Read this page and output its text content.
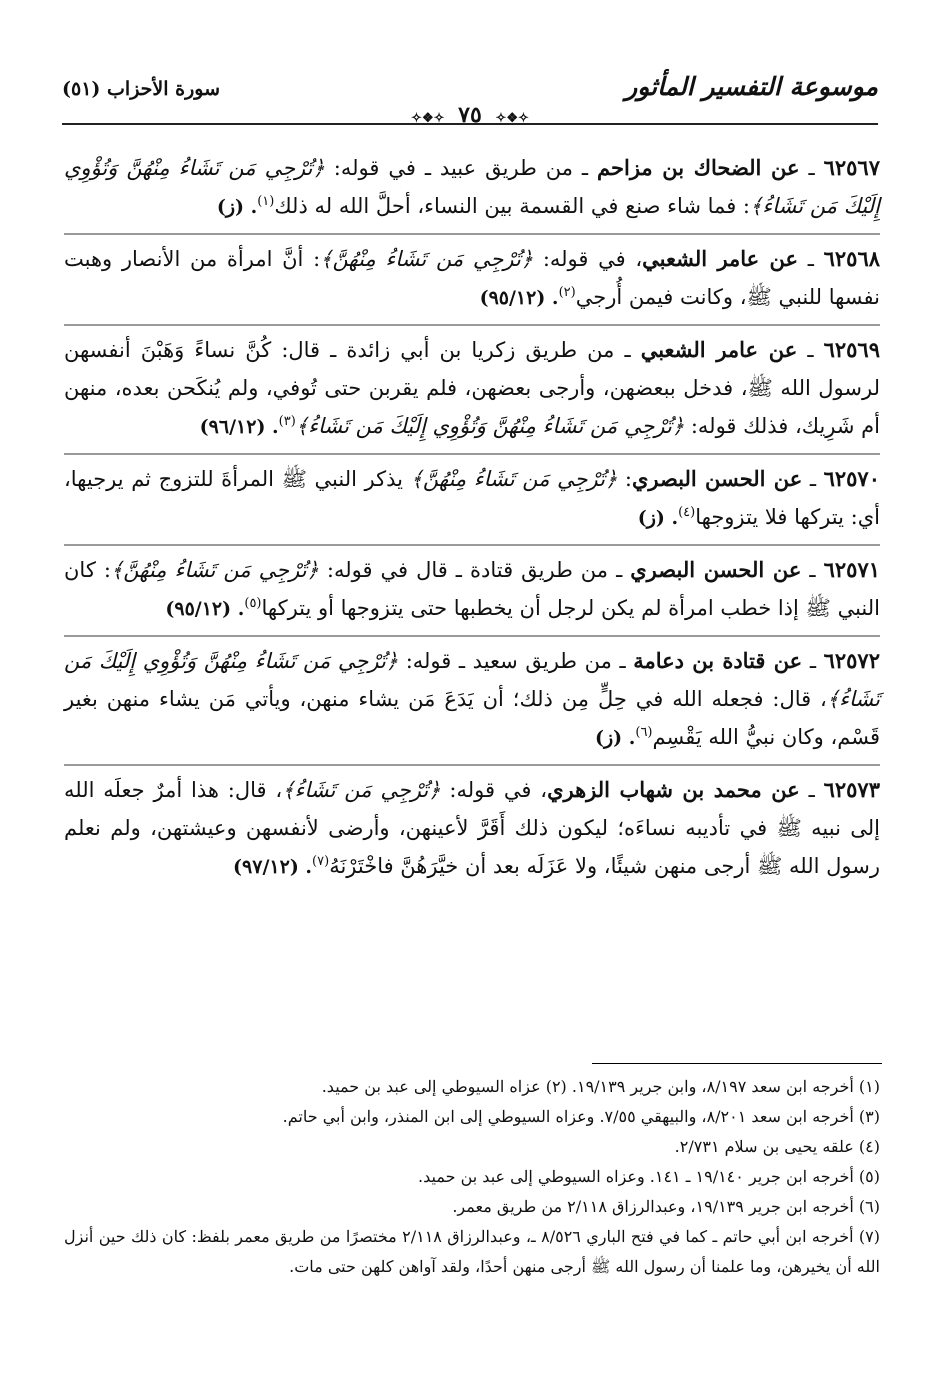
موسوعة التفسير المأثور
✧❖✧ ٧٥ ✧❖✧
سورة الأحزاب (٥١)
٦٢٥٦٧ ـ عن الضحاك بن مزاحم ـ من طريق عبيد ـ في قوله: ﴿تُرْجِي مَن تَشَاءُ مِنْهُنَّ وَتُؤْوِي إِلَيْكَ مَن تَشَاءُ﴾: فما شاء صنع في القسمة بين النساء، أحلَّ الله له ذلك$^{(١)}$. (ز)
٦٢٥٦٨ ـ عن عامر الشعبي، في قوله: ﴿تُرْجِي مَن تَشَاءُ مِنْهُنَّ﴾: أنَّ امرأة من الأنصار وهبت نفسها للنبي ﷺ، وكانت فيمن أُرجي$^{(٢)}$. (٩٥/١٢)
٦٢٥٦٩ ـ عن عامر الشعبي ـ من طريق زكريا بن أبي زائدة ـ قال: كُنَّ نساءً وَهَبْنَ أنفسهن لرسول الله ﷺ، فدخل ببعضهن، وأرجى بعضهن، فلم يقربن حتى تُوفي، ولم يُنكَحن بعده، منهن أم شَرِيك، فذلك قوله: ﴿تُرْجِي مَن تَشَاءُ مِنْهُنَّ وَتُؤْوِي إِلَيْكَ مَن تَشَاءُ﴾$^{(٣)}$. (٩٦/١٢)
٦٢٥٧٠ ـ عن الحسن البصري: ﴿تُرْجِي مَن تَشَاءُ مِنْهُنَّ﴾ يذكر النبي ﷺ المرأةَ للتزوج ثم يرجيها، أي: يتركها فلا يتزوجها$^{(٤)}$. (ز)
٦٢٥٧١ ـ عن الحسن البصري ـ من طريق قتادة ـ قال في قوله: ﴿تُرْجِي مَن تَشَاءُ مِنْهُنَّ﴾: كان النبي ﷺ إذا خطب امرأة لم يكن لرجل أن يخطبها حتى يتزوجها أو يتركها$^{(٥)}$. (٩٥/١٢)
٦٢٥٧٢ ـ عن قتادة بن دعامة ـ من طريق سعيد ـ قوله: ﴿تُرْجِي مَن تَشَاءُ مِنْهُنَّ وَتُؤْوِي إِلَيْكَ مَن تَشَاءُ﴾، قال: فجعله الله في حِلٍّ مِن ذلك؛ أن يَدَعَ مَن يشاء منهن، ويأتي مَن يشاء منهن بغير قَسْم، وكان نبيُّ الله يَقْسِم$^{(٦)}$. (ز)
٦٢٥٧٣ ـ عن محمد بن شهاب الزهري، في قوله: ﴿تُرْجِي مَن تَشَاءُ﴾، قال: هذا أمرٌ جعلَه الله إلى نبيه ﷺ في تأديبه نساءَه؛ ليكون ذلك أَقَرَّ لأعينهن، وأرضى لأنفسهن وعيشتهن، ولم نعلم رسول الله ﷺ أرجى منهن شيئًا، ولا عَزَلَه بعد أن خيَّرَهُنَّ فاخْتَرْنَهُ$^{(٧)}$. (٩٧/١٢)
(١) أخرجه ابن سعد ٨/١٩٧، وابن جرير ١٩/١٣٩. (٢) عزاه السيوطي إلى عبد بن حميد.
(٣) أخرجه ابن سعد ٨/٢٠١، والبيهقي ٧/٥٥. وعزاه السيوطي إلى ابن المنذر، وابن أبي حاتم.
(٤) علقه يحيى بن سلام ٢/٧٣١.
(٥) أخرجه ابن جرير ١٩/١٤٠ ـ ١٤١. وعزاه السيوطي إلى عبد بن حميد.
(٦) أخرجه ابن جرير ١٩/١٣٩، وعبدالرزاق ٢/١١٨ من طريق معمر.
(٧) أخرجه ابن أبي حاتم ـ كما في فتح الباري ٨/٥٢٦ ـ، وعبدالرزاق ٢/١١٨ مختصرًا من طريق معمر بلفظ: كان ذلك حين أنزل الله أن يخيرهن، وما علمنا أن رسول الله ﷺ أرجى منهن أحدًا، ولقد آواهن كلهن حتى مات.
